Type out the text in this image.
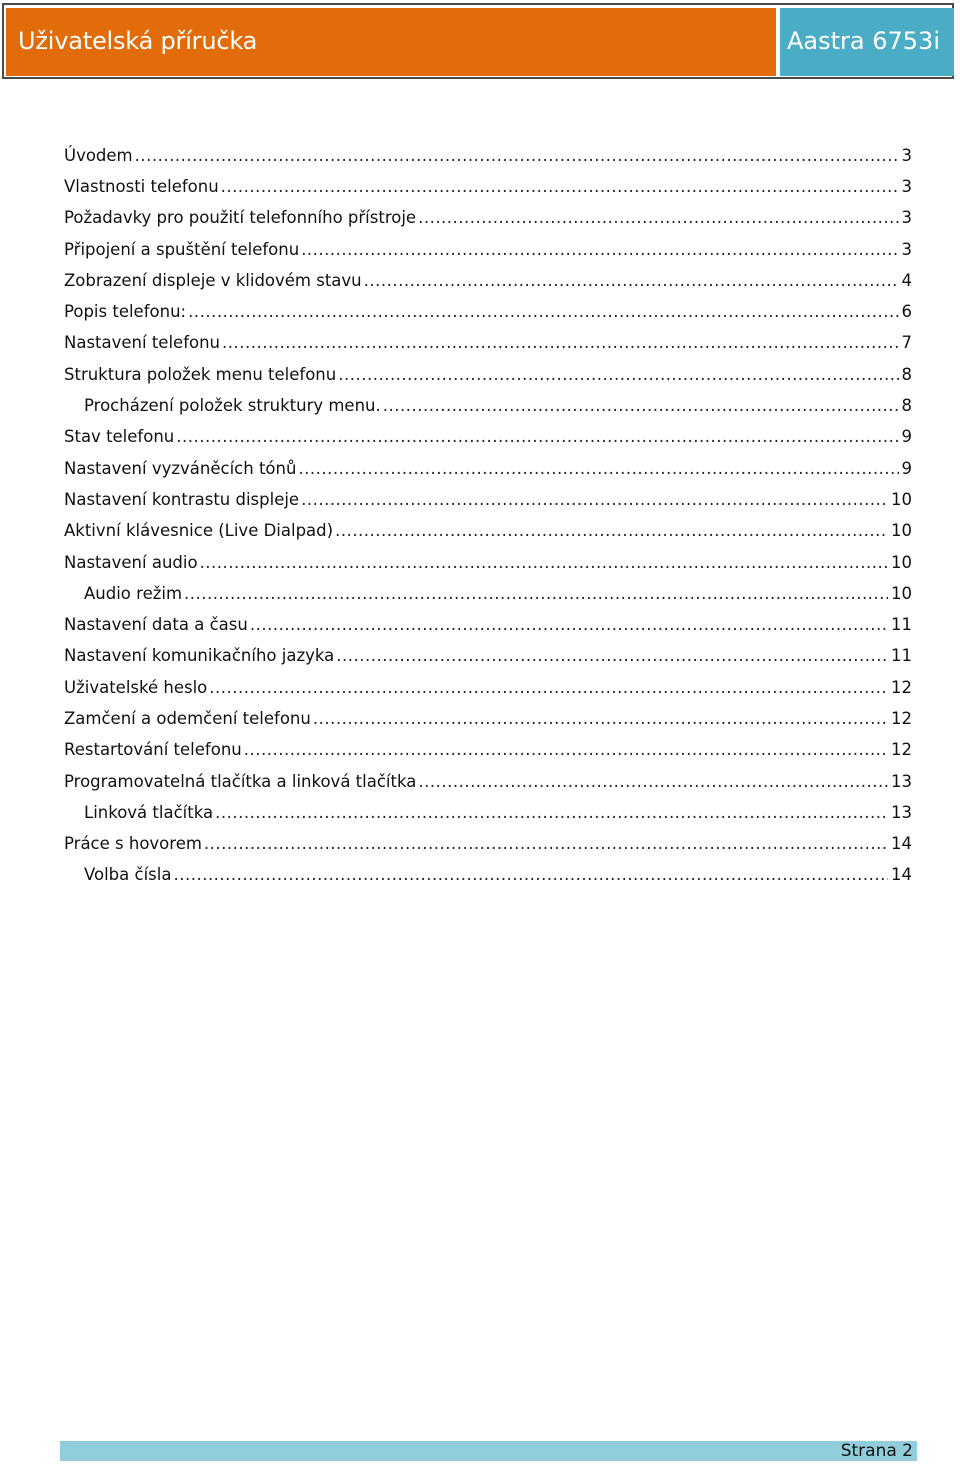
Uživatelská příručka	Aastra 6753i
Úvodem .....	3
Vlastnosti telefonu .....	3
Požadavky pro použití telefonního přístroje .....	3
Připojení a spuštění telefonu .....	3
Zobrazení displeje v klidovém stavu .....	4
Popis telefonu: .....	6
Nastavení telefonu .....	7
Struktura položek menu telefonu .....	8
Procházení položek struktury menu. .....	8
Stav telefonu .....	9
Nastavení vyzváněcích tónů .....	9
Nastavení kontrastu displeje .....	10
Aktivní klávesnice (Live Dialpad) .....	10
Nastavení audio .....	10
Audio režim .....	10
Nastavení data a času .....	11
Nastavení komunikačního jazyka .....	11
Uživatelské heslo .....	12
Zamčení a odemčení telefonu .....	12
Restartování telefonu .....	12
Programovatelná tlačítka a linková tlačítka .....	13
Linková tlačítka .....	13
Práce s hovorem .....	14
Volba čísla .....	14
Strana 2
